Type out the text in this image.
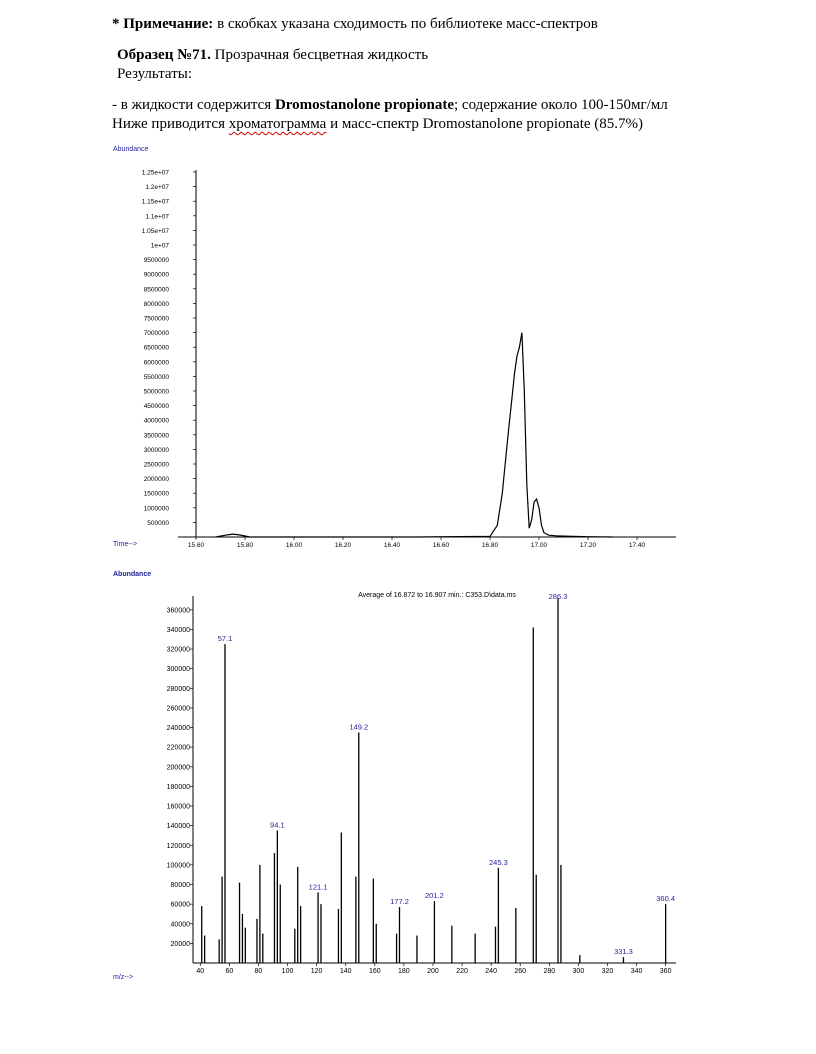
* Примечание: в скобках указана сходимость по библиотеке масс-спектров
Образец №71. Прозрачная бесцветная жидкость
Результаты:
- в жидкости содержится Dromostanolone propionate; содержание около 100-150мг/мл
Ниже приводится хроматограмма и масс-спектр Dromostanolone propionate (85.7%)
Abundance
Time-->
Abundance
m/z-->
500000
1000000
1500000
2000000
2500000
3000000
3500000
4000000
4500000
5000000
5500000
6000000
6500000
7000000
7500000
8000000
8500000
9000000
9500000
1e+07
1.05e+07
1.1e+07
1.15e+07
1.2e+07
1.25e+07
15.60	15.80	16.00	16.20	16.40	16.60	16.80	17.00	17.20	17.40
Average of 16.872 to 16.907 min.: C353.D\data.ms
20000
40000
60000
80000
100000
120000
140000
160000
180000
200000
220000
240000
260000
280000
300000
320000
340000
360000
40	60	80	100 120 140 160 180 200 220 240 260 280 300 320 340 360
57.1
94.1
121.1
149.2
177.2
201.2
245.3
286.3
331.3
360.4
